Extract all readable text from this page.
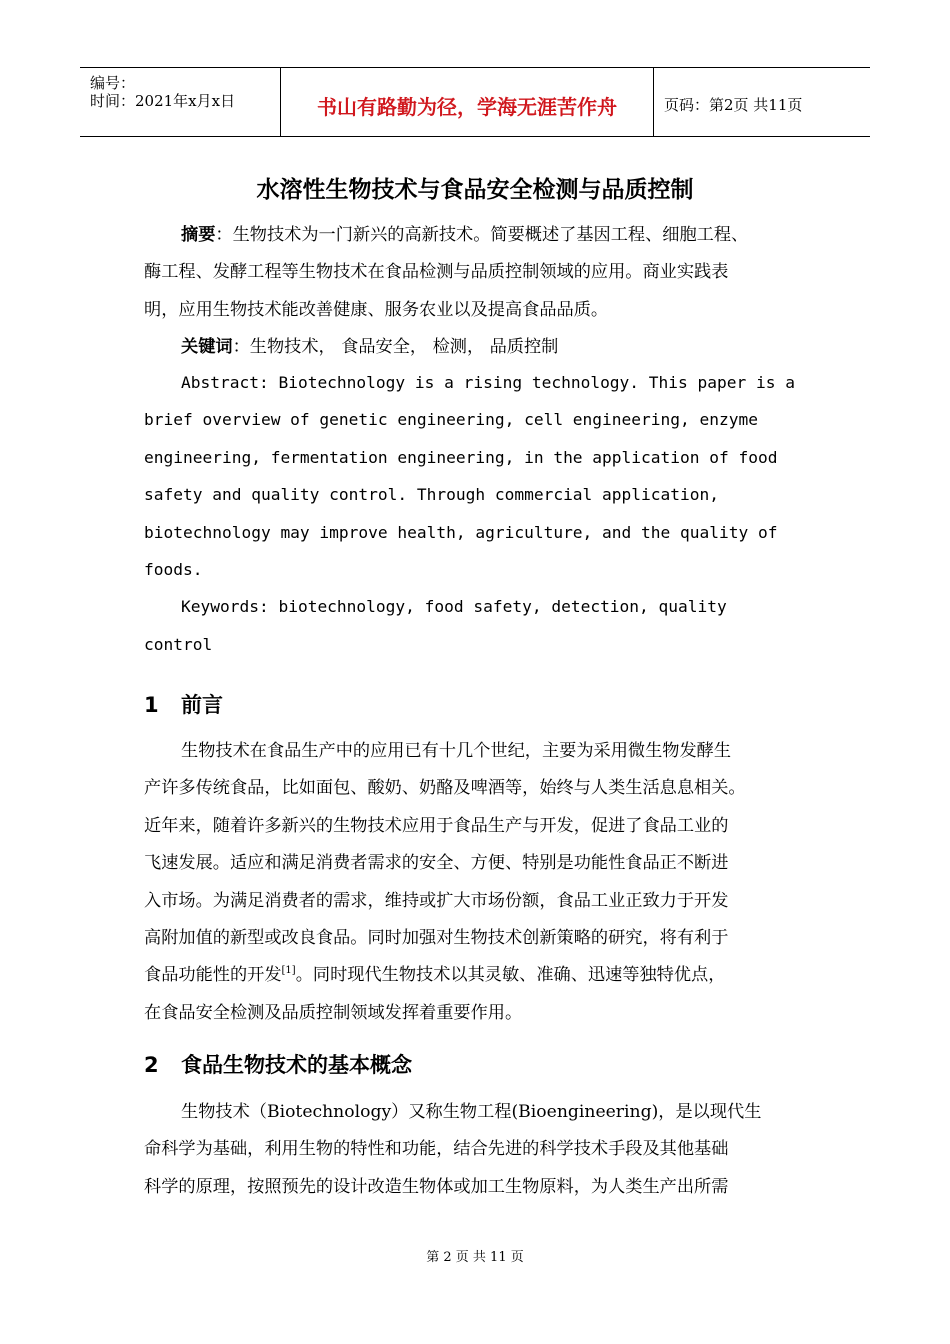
编号：
时间：2021年x月x日	书山有路勤为径，学海无涯苦作舟	页码：第2页 共11页
水溶性生物技术与食品安全检测与品质控制
摘要：生物技术为一门新兴的高新技术。简要概述了基因工程、细胞工程、
酶工程、发酵工程等生物技术在食品检测与品质控制领域的应用。商业实践表
明，应用生物技术能改善健康、服务农业以及提高食品品质。
关键词：生物技术， 食品安全， 检测， 品质控制
Abstract: Biotechnology is a rising technology. This paper is a
brief overview of genetic engineering, cell engineering, enzyme
engineering, fermentation engineering, in the application of food
safety and quality control. Through commercial application,
biotechnology may improve health, agriculture, and the quality of
foods.
Keywords: biotechnology, food safety, detection, quality
control
1 前言
生物技术在食品生产中的应用已有十几个世纪，主要为采用微生物发酵生
产许多传统食品，比如面包、酸奶、奶酪及啤酒等，始终与人类生活息息相关。
近年来，随着许多新兴的生物技术应用于食品生产与开发，促进了食品工业的
飞速发展。适应和满足消费者需求的安全、方便、特别是功能性食品正不断进
入市场。为满足消费者的需求，维持或扩大市场份额，食品工业正致力于开发
高附加值的新型或改良食品。同时加强对生物技术创新策略的研究，将有利于
食品功能性的开发[1]。同时现代生物技术以其灵敏、准确、迅速等独特优点，
在食品安全检测及品质控制领域发挥着重要作用。
2 食品生物技术的基本概念
生物技术（Biotechnology）又称生物工程(Bioengineering)，是以现代生
命科学为基础，利用生物的特性和功能，结合先进的科学技术手段及其他基础
科学的原理，按照预先的设计改造生物体或加工生物原料，为人类生产出所需
第 2 页 共 11 页
